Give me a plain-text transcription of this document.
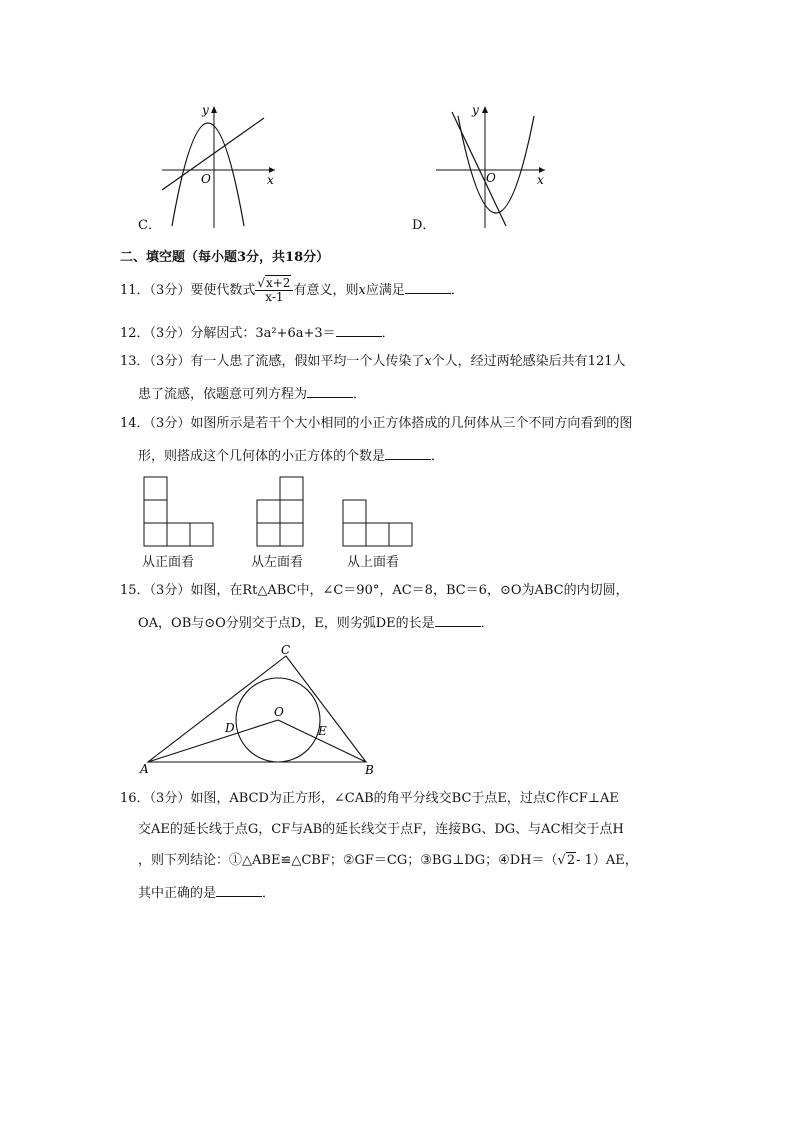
y
x
O
C．
y
x
O
D．
二、填空题（每小题3分，共18分）
11．（3分）要使代数式 $\frac{√x+2}{x-1}$ 有意义，则x应满足	．
12．（3分）分解因式：3a²+6a+3＝	．
13．（3分）有一人患了流感，假如平均一个人传染了x个人，经过两轮感染后共有121人
患了流感，依题意可列方程为	．
14．（3分）如图所示是若干个大小相同的小正方体搭成的几何体从三个不同方向看到的图
形，则搭成这个几何体的小正方体的个数是	．
从正面看	从左面看	从上面看
15．（3分）如图，在Rt△ABC中，∠C＝90°，AC＝8，BC＝6，⊙O为ABC的内切圆，
OA，OB与⊙O分别交于点D，E，则劣弧DE的长是	．
A	B
C
D	E
O
16．（3分）如图，ABCD为正方形，∠CAB的角平分线交BC于点E，过点C作CF⊥AE
交AE的延长线于点G，CF与AB的延长线交于点F，连接BG、DG、与AC相交于点H
，则下列结论：①△ABE≌△CBF；②GF＝CG；③BG⊥DG；④DH＝（√2- 1）AE，
其中正确的是	．
